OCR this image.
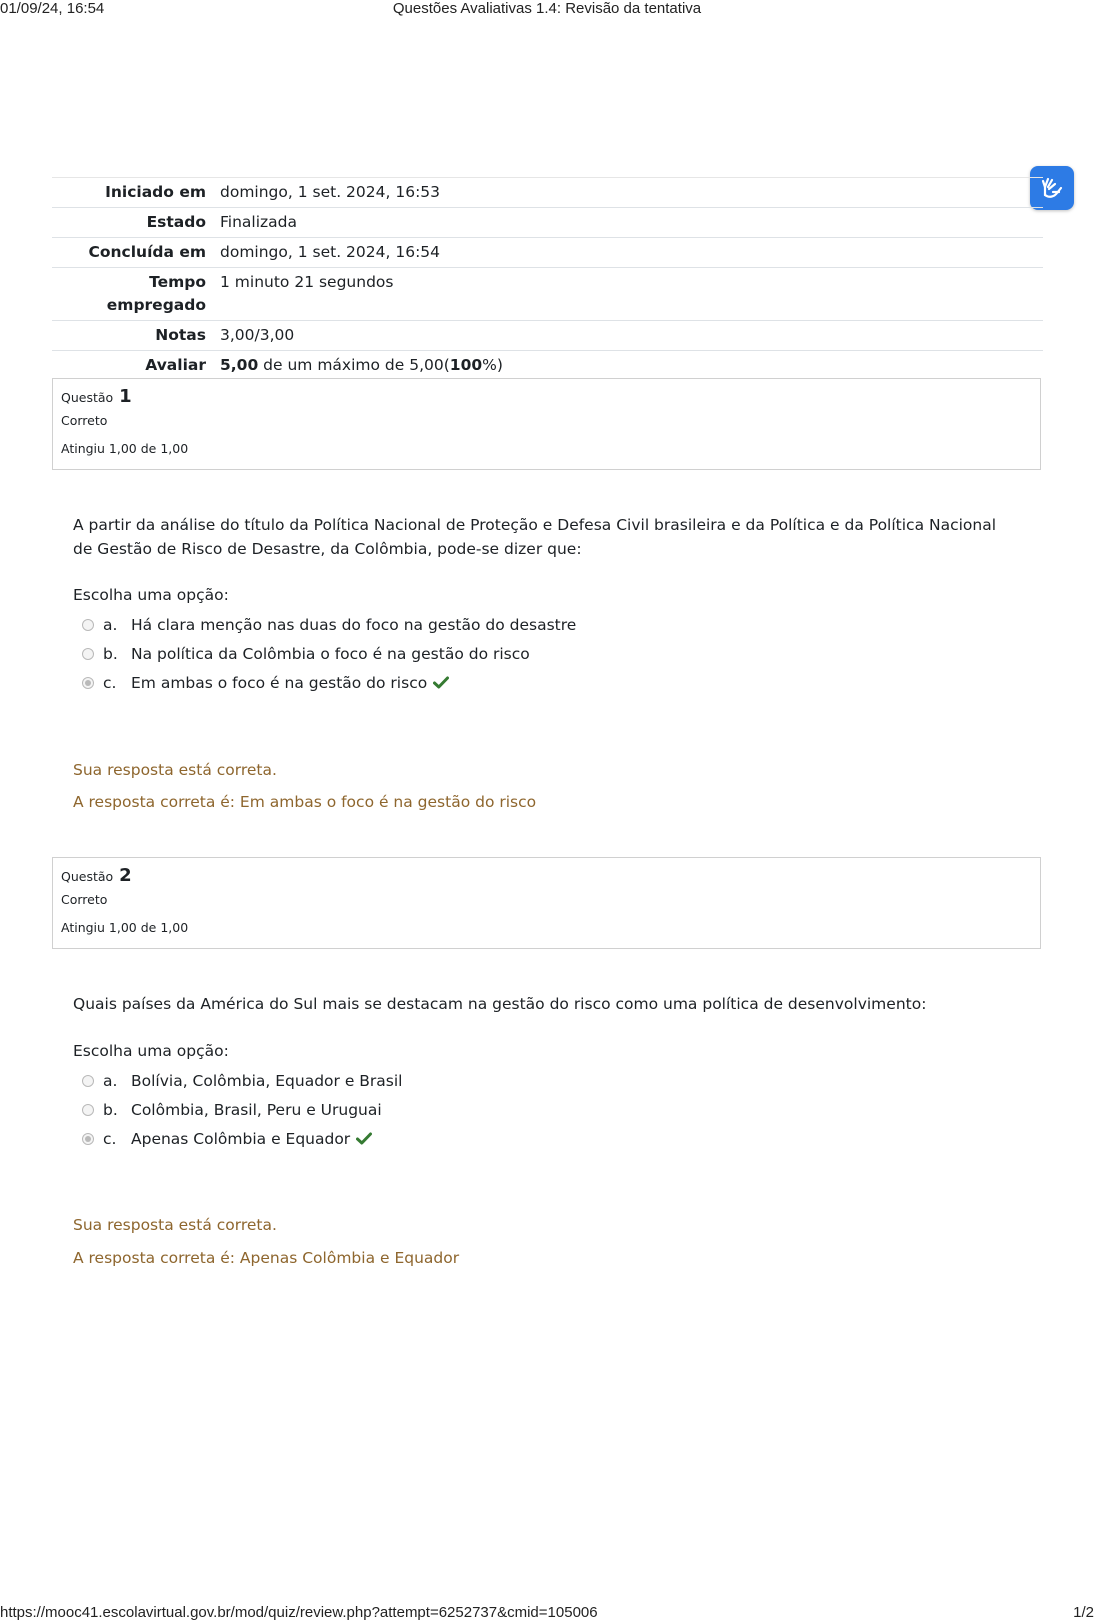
01/09/24, 16:54	Questões Avaliativas 1.4: Revisão da tentativa
Iniciado em	domingo, 1 set. 2024, 16:53
Estado	Finalizada
Concluída em	domingo, 1 set. 2024, 16:54
Tempo empregado	1 minuto 21 segundos
Notas	3,00/3,00
Avaliar	5,00 de um máximo de 5,00(100%)
Questão 1
Correto
Atingiu 1,00 de 1,00
A partir da análise do título da Política Nacional de Proteção e Defesa Civil brasileira e da Política e da Política Nacional de Gestão de Risco de Desastre, da Colômbia, pode-se dizer que:
Escolha uma opção:
a. Há clara menção nas duas do foco na gestão do desastre
b. Na política da Colômbia o foco é na gestão do risco
c. Em ambas o foco é na gestão do risco
Sua resposta está correta.
A resposta correta é: Em ambas o foco é na gestão do risco
Questão 2
Correto
Atingiu 1,00 de 1,00
Quais países da América do Sul mais se destacam na gestão do risco como uma política de desenvolvimento:
Escolha uma opção:
a. Bolívia, Colômbia, Equador e Brasil
b. Colômbia, Brasil, Peru e Uruguai
c. Apenas Colômbia e Equador
Sua resposta está correta.
A resposta correta é: Apenas Colômbia e Equador
https://mooc41.escolavirtual.gov.br/mod/quiz/review.php?attempt=6252737&cmid=105006	1/2
